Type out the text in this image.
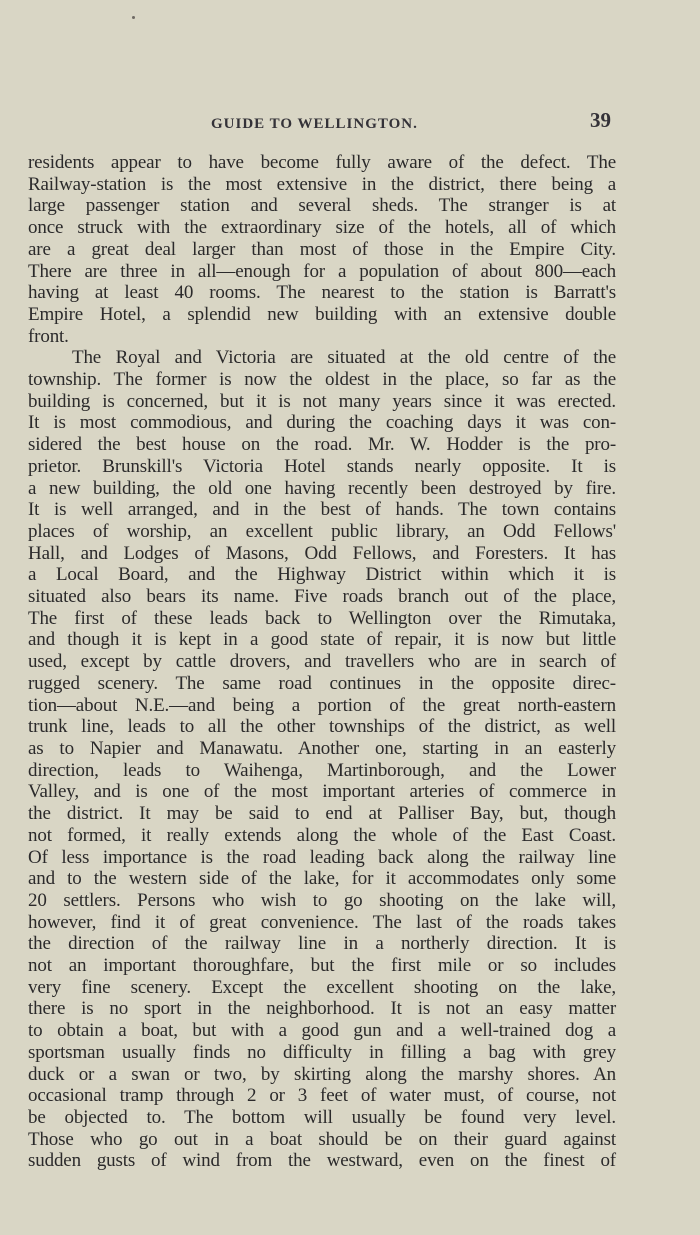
GUIDE TO WELLINGTON.	39
residents appear to have become fully aware of the defect. The
Railway-station is the most extensive in the district, there being a
large passenger station and several sheds. The stranger is at
once struck with the extraordinary size of the hotels, all of which
are a great deal larger than most of those in the Empire City.
There are three in all—enough for a population of about 800—each
having at least 40 rooms. The nearest to the station is Barratt's
Empire Hotel, a splendid new building with an extensive double
front.
The Royal and Victoria are situated at the old centre of the
township. The former is now the oldest in the place, so far as the
building is concerned, but it is not many years since it was erected.
It is most commodious, and during the coaching days it was con-
sidered the best house on the road. Mr. W. Hodder is the pro-
prietor. Brunskill's Victoria Hotel stands nearly opposite. It is
a new building, the old one having recently been destroyed by fire.
It is well arranged, and in the best of hands. The town contains
places of worship, an excellent public library, an Odd Fellows'
Hall, and Lodges of Masons, Odd Fellows, and Foresters. It has
a Local Board, and the Highway District within which it is
situated also bears its name. Five roads branch out of the place,
The first of these leads back to Wellington over the Rimutaka,
and though it is kept in a good state of repair, it is now but little
used, except by cattle drovers, and travellers who are in search of
rugged scenery. The same road continues in the opposite direc-
tion—about N.E.—and being a portion of the great north-eastern
trunk line, leads to all the other townships of the district, as well
as to Napier and Manawatu. Another one, starting in an easterly
direction, leads to Waihenga, Martinborough, and the Lower
Valley, and is one of the most important arteries of commerce in
the district. It may be said to end at Palliser Bay, but, though
not formed, it really extends along the whole of the East Coast.
Of less importance is the road leading back along the railway line
and to the western side of the lake, for it accommodates only some
20 settlers. Persons who wish to go shooting on the lake will,
however, find it of great convenience. The last of the roads takes
the direction of the railway line in a northerly direction. It is
not an important thoroughfare, but the first mile or so includes
very fine scenery. Except the excellent shooting on the lake,
there is no sport in the neighborhood. It is not an easy matter
to obtain a boat, but with a good gun and a well-trained dog a
sportsman usually finds no difficulty in filling a bag with grey
duck or a swan or two, by skirting along the marshy shores. An
occasional tramp through 2 or 3 feet of water must, of course, not
be objected to. The bottom will usually be found very level.
Those who go out in a boat should be on their guard against
sudden gusts of wind from the westward, even on the finest of
